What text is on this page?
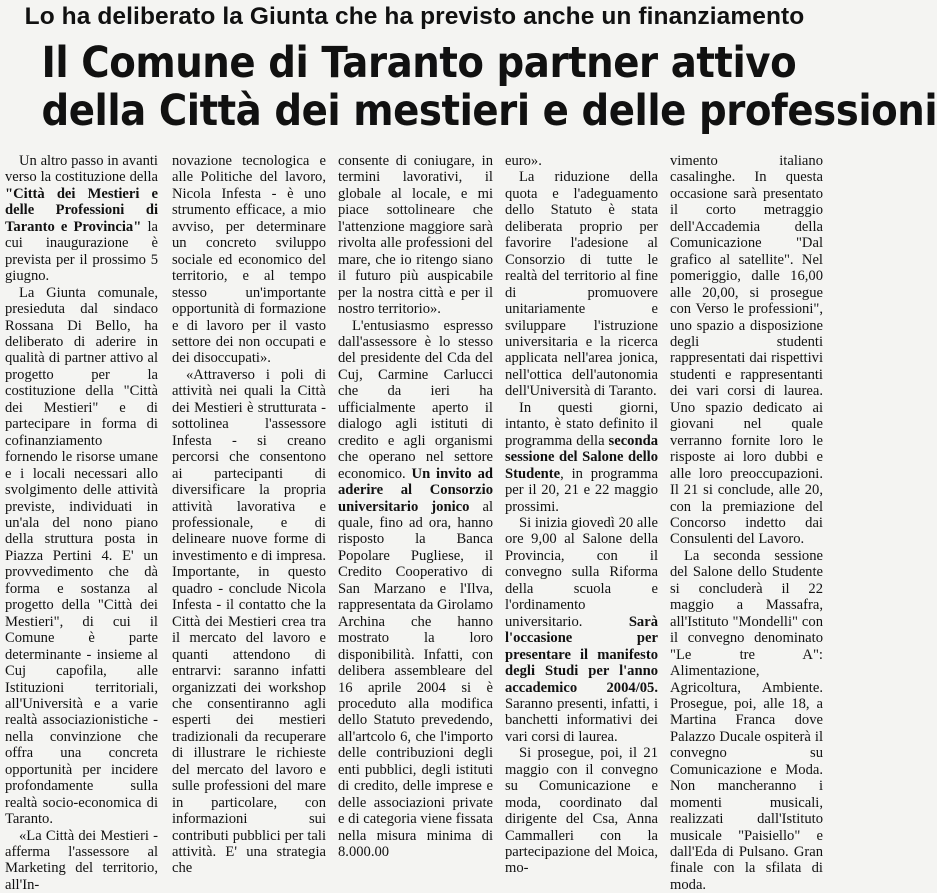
Lo ha deliberato la Giunta che ha previsto anche un finanziamento
Il Comune di Taranto partner attivo
della Città dei mestieri e delle professioni

Un altro passo in avanti verso la costituzione della "Città dei Mestieri e delle Professioni di Taranto e Provincia" la cui inaugurazione è prevista per il prossimo 5 giugno.

La Giunta comunale, presieduta dal sindaco Rossana Di Bello, ha deliberato di aderire in qualità di partner attivo al progetto per la costituzione della "Città dei Mestieri" e di partecipare in forma di cofinanziamento fornendo le risorse umane e i locali necessari allo svolgimento delle attività previste, individuati in un'ala del nono piano della struttura posta in Piazza Pertini 4. E' un provvedimento che dà forma e sostanza al progetto della "Città dei Mestieri", di cui il Comune è parte determinante - insieme al Cuj capofila, alle Istituzioni territoriali, all'Università e a varie realtà associazionistiche - nella convinzione che offra una concreta opportunità per incidere profondamente sulla realtà socio-economica di Taranto.

«La Città dei Mestieri - afferma l'assessore al Marketing del territorio, all'In-

novazione tecnologica e alle Politiche del lavoro, Nicola Infesta - è uno strumento efficace, a mio avviso, per determinare un concreto sviluppo sociale ed economico del territorio, e al tempo stesso un'importante opportunità di formazione e di lavoro per il vasto settore dei non occupati e dei disoccupati».

«Attraverso i poli di attività nei quali la Città dei Mestieri è strutturata - sottolinea l'assessore Infesta - si creano percorsi che consentono ai partecipanti di diversificare la propria attività lavorativa e professionale, e di delineare nuove forme di investimento e di impresa. Importante, in questo quadro - conclude Nicola Infesta - il contatto che la Città dei Mestieri crea tra il mercato del lavoro e quanti attendono di entrarvi: saranno infatti organizzati dei workshop che consentiranno agli esperti dei mestieri tradizionali da recuperare di illustrare le richieste del mercato del lavoro e sulle professioni del mare in particolare, con informazioni sui contributi pubblici per tali attività. E' una strategia che

consente di coniugare, in termini lavorativi, il globale al locale, e mi piace sottolineare che l'attenzione maggiore sarà rivolta alle professioni del mare, che io ritengo siano il futuro più auspicabile per la nostra città e per il nostro territorio».

L'entusiasmo espresso dall'assessore è lo stesso del presidente del Cda del Cuj, Carmine Carlucci che da ieri ha ufficialmente aperto il dialogo agli istituti di credito e agli organismi che operano nel settore economico. Un invito ad aderire al Consorzio universitario jonico al quale, fino ad ora, hanno risposto la Banca Popolare Pugliese, il Credito Cooperativo di San Marzano e l'Ilva, rappresentata da Girolamo Archina che hanno mostrato la loro disponibilità. Infatti, con delibera assembleare del 16 aprile 2004 si è proceduto alla modifica dello Statuto prevedendo, all'artcolo 6, che l'importo delle contribuzioni degli enti pubblici, degli istituti di credito, delle imprese e delle associazioni private e di categoria viene fissata nella misura minima di 8.000.00

euro».

La riduzione della quota e l'adeguamento dello Statuto è stata deliberata proprio per favorire l'adesione al Consorzio di tutte le realtà del territorio al fine di promuovere unitariamente e sviluppare l'istruzione universitaria e la ricerca applicata nell'area jonica, nell'ottica dell'autonomia dell'Università di Taranto.

In questi giorni, intanto, è stato definito il programma della seconda sessione del Salone dello Studente, in programma per il 20, 21 e 22 maggio prossimi.

Si inizia giovedì 20 alle ore 9,00 al Salone della Provincia, con il convegno sulla Riforma della scuola e l'ordinamento universitario. Sarà l'occasione per presentare il manifesto degli Studi per l'anno accademico 2004/05. Saranno presenti, infatti, i banchetti informativi dei vari corsi di laurea.

Si prosegue, poi, il 21 maggio con il convegno su Comunicazione e moda, coordinato dal dirigente del Csa, Anna Cammalleri con la partecipazione del Moica, mo-

vimento italiano casalinghe. In questa occasione sarà presentato il corto metraggio dell'Accademia della Comunicazione "Dal grafico al satellite". Nel pomeriggio, dalle 16,00 alle 20,00, si prosegue con Verso le professioni", uno spazio a disposizione degli studenti rappresentati dai rispettivi studenti e rappresentanti dei vari corsi di laurea. Uno spazio dedicato ai giovani nel quale verranno fornite loro le risposte ai loro dubbi e alle loro preoccupazioni. Il 21 si conclude, alle 20, con la premiazione del Concorso indetto dai Consulenti del Lavoro.

La seconda sessione del Salone dello Studente si concluderà il 22 maggio a Massafra, all'Istituto "Mondelli" con il convegno denominato "Le tre A": Alimentazione, Agricoltura, Ambiente. Prosegue, poi, alle 18, a Martina Franca dove Palazzo Ducale ospiterà il convegno su Comunicazione e Moda. Non mancheranno i momenti musicali, realizzati dall'Istituto musicale "Paisiello" e dall'Eda di Pulsano. Gran finale con la sfilata di moda.
